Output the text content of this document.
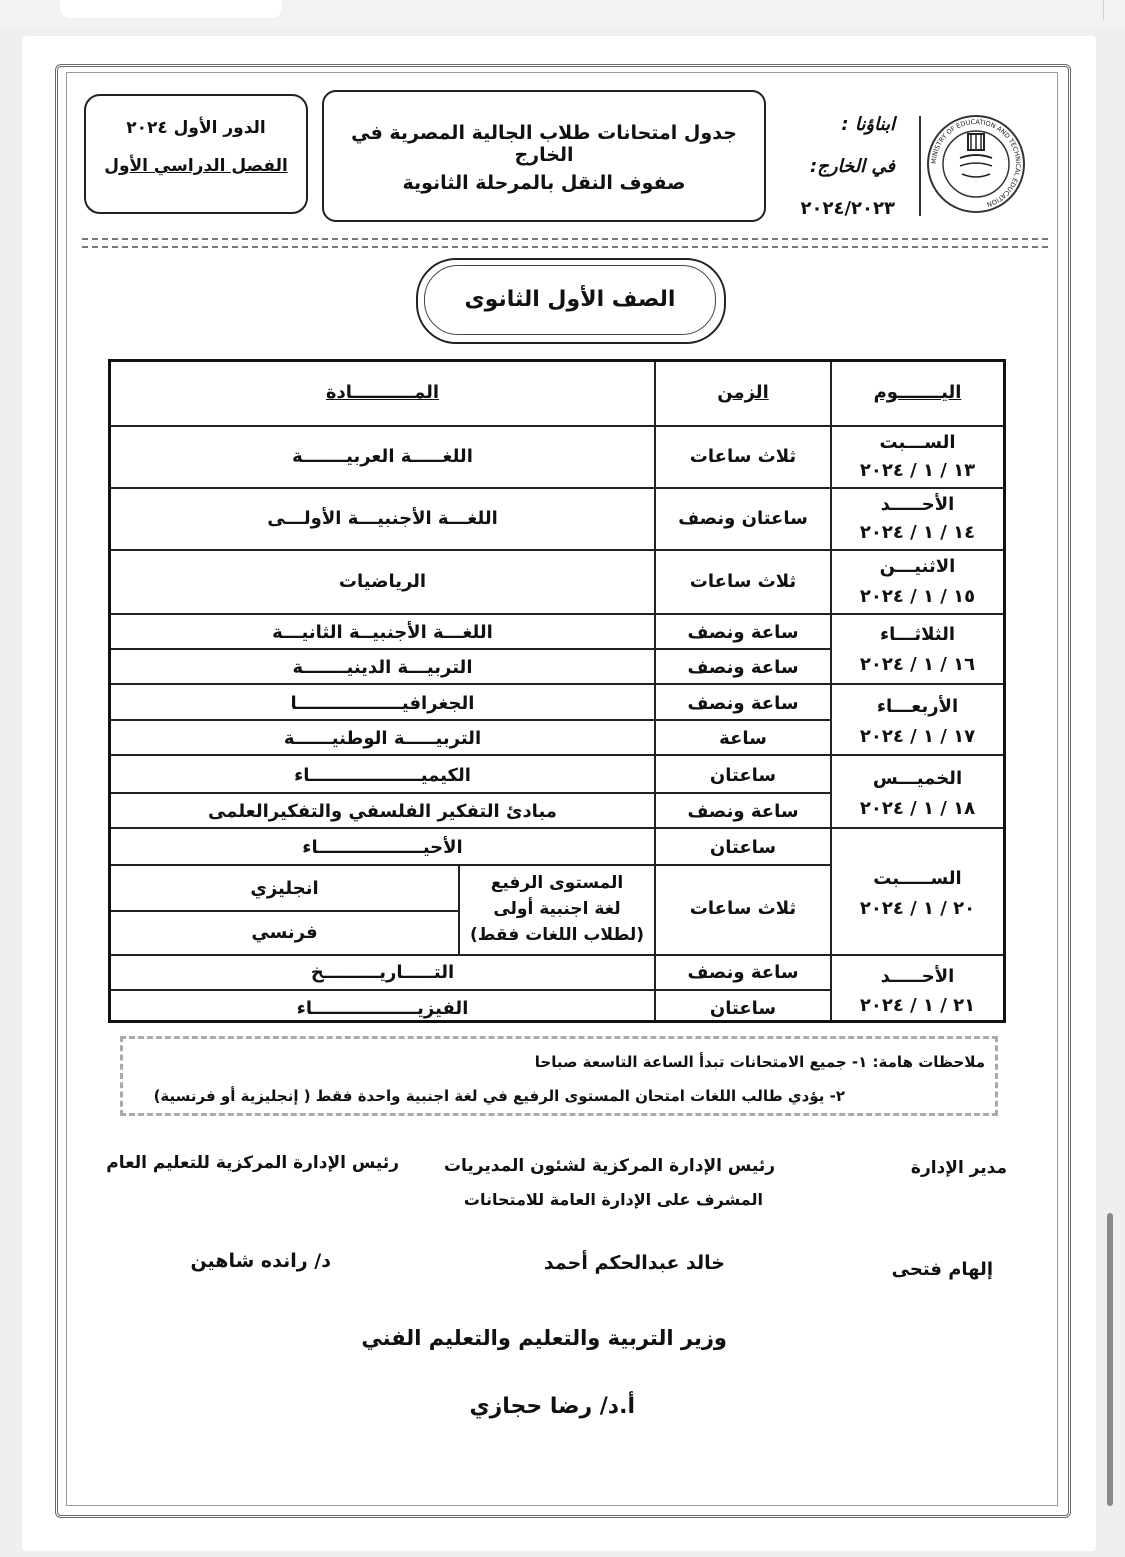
الدور الأول ٢٠٢٤
الفصل الدراسي الأول
جدول امتحانات طلاب الجالية المصرية في الخارج
صفوف النقل بالمرحلة الثانوية
ابناؤنا :
في الخارج:
٢٠٢٤/٢٠٢٣
MINISTRY OF EDUCATION AND TECHNICAL EDUCATION
الصف الأول الثانوى
اليـــــــوم
الزمن
المــــــــــادة
الســـبت
١٣ / ١ / ٢٠٢٤
الأحـــــد
١٤ / ١ / ٢٠٢٤
الاثنيـــن
١٥ / ١ / ٢٠٢٤
الثلاثـــاء
١٦ / ١ / ٢٠٢٤
الأربعـــاء
١٧ / ١ / ٢٠٢٤
الخميـــس
١٨ / ١ / ٢٠٢٤
الســـــبت
٢٠ / ١ / ٢٠٢٤
الأحـــــد
٢١ / ١ / ٢٠٢٤
ثلاث ساعات
ساعتان ونصف
ثلاث ساعات
ساعة ونصف
ساعة ونصف
ساعة ونصف
ساعة
ساعتان
ساعة ونصف
ساعتان
ثلاث ساعات
ساعة ونصف
ساعتان
اللغـــــة العربيـــــــة
اللغـــة الأجنبيـــة الأولـــى
الرياضيات
اللغـــة الأجنبيــة الثانيـــة
التربيـــة الدينيـــــــة
الجغرافيـــــــــــــــــا
التربيـــــة الوطنيــــــة
الكيميــــــــــــــــــاء
مبادئ التفكير الفلسفي والتفكيرالعلمى
الأحيـــــــــــــــــاء
المستوى الرفيع
لغة اجنبية أولى
(لطلاب اللغات فقط)
انجليزي
فرنسي
التـــــاريـــــــــخ
الفيزيـــــــــــــــــاء
ملاحظات هامة: ١- جميع الامتحانات تبدأ الساعة التاسعة صباحا
٢- يؤدي طالب اللغات امتحان المستوى الرفيع في لغة اجنبية واحدة فقط ( إنجليزية أو فرنسية)
مدير الإدارة
إلهام فتحى
رئيس الإدارة المركزية لشئون المديريات
المشرف على الإدارة العامة للامتحانات
خالد عبدالحكم أحمد
رئيس الإدارة المركزية للتعليم العام
د/ رانده شاهين
وزير التربية والتعليم والتعليم الفني
أ.د/ رضا حجازي
